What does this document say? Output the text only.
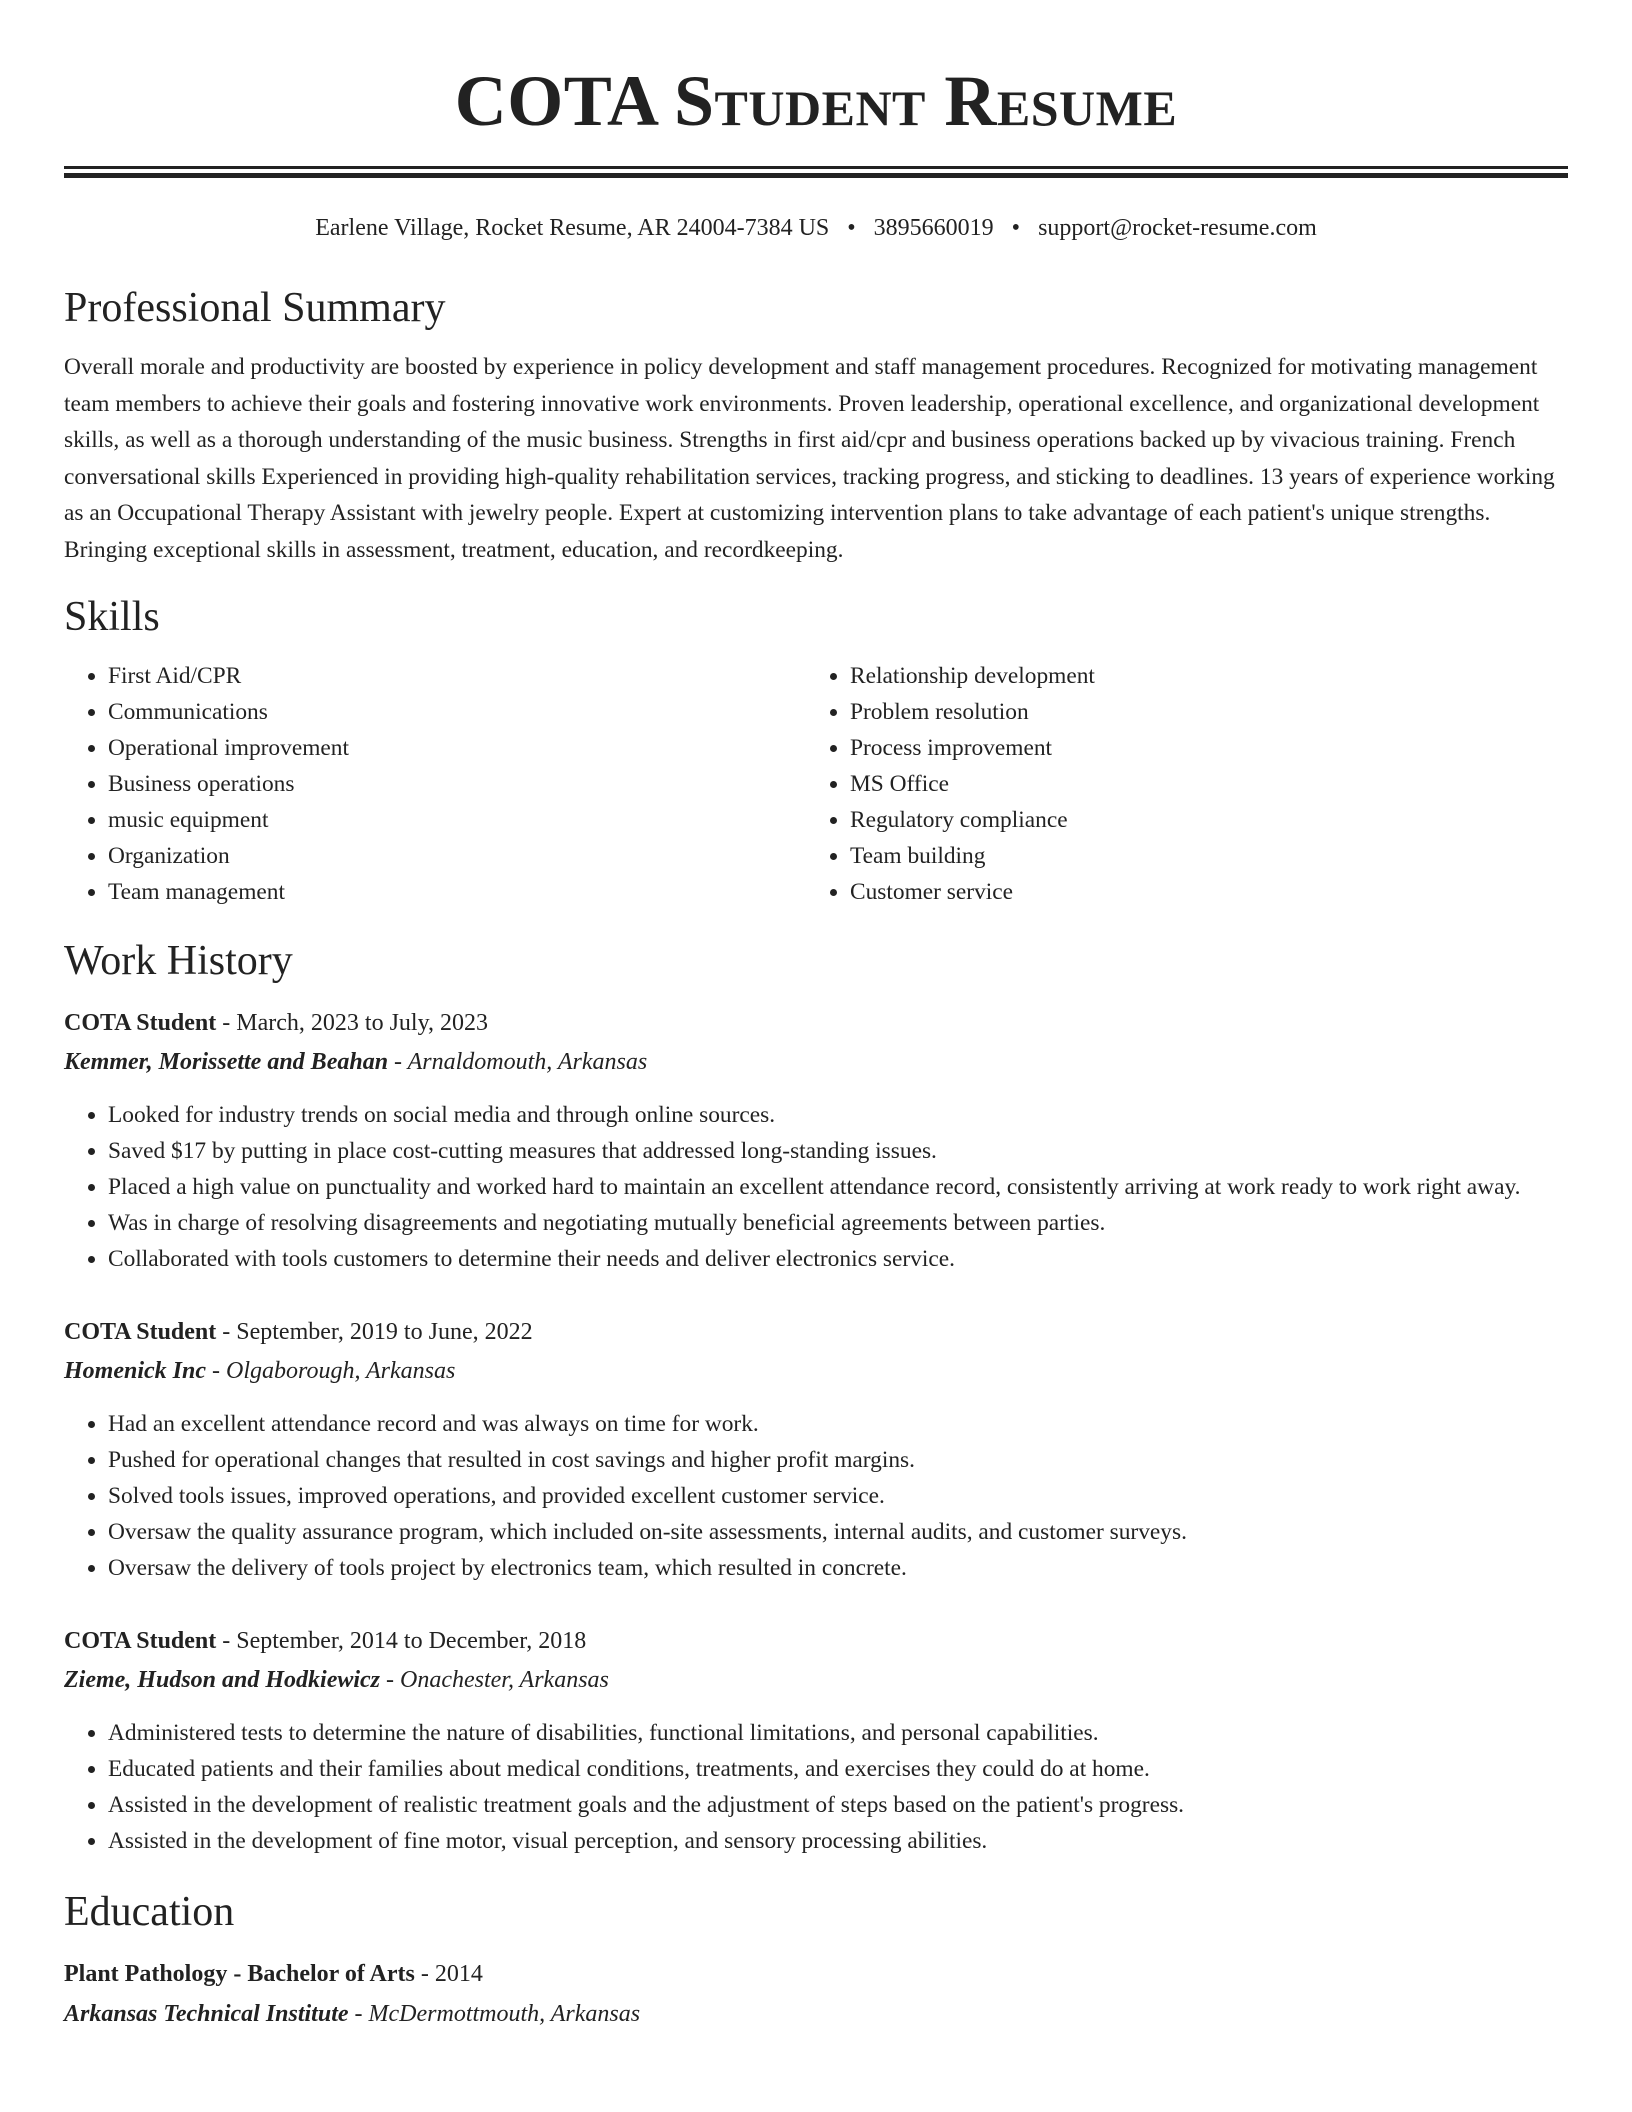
COTA Student Resume
Earlene Village, Rocket Resume, AR 24004-7384 US • 3895660019 • support@rocket-resume.com
Professional Summary
Overall morale and productivity are boosted by experience in policy development and staff management procedures. Recognized for motivating management team members to achieve their goals and fostering innovative work environments. Proven leadership, operational excellence, and organizational development skills, as well as a thorough understanding of the music business. Strengths in first aid/cpr and business operations backed up by vivacious training. French conversational skills Experienced in providing high-quality rehabilitation services, tracking progress, and sticking to deadlines. 13 years of experience working as an Occupational Therapy Assistant with jewelry people. Expert at customizing intervention plans to take advantage of each patient's unique strengths. Bringing exceptional skills in assessment, treatment, education, and recordkeeping.
Skills
• First Aid/CPR
• Communications
• Operational improvement
• Business operations
• music equipment
• Organization
• Team management
• Relationship development
• Problem resolution
• Process improvement
• MS Office
• Regulatory compliance
• Team building
• Customer service
Work History
COTA Student - March, 2023 to July, 2023
Kemmer, Morissette and Beahan - Arnaldomouth, Arkansas
• Looked for industry trends on social media and through online sources.
• Saved $17 by putting in place cost-cutting measures that addressed long-standing issues.
• Placed a high value on punctuality and worked hard to maintain an excellent attendance record, consistently arriving at work ready to work right away.
• Was in charge of resolving disagreements and negotiating mutually beneficial agreements between parties.
• Collaborated with tools customers to determine their needs and deliver electronics service.
COTA Student - September, 2019 to June, 2022
Homenick Inc - Olgaborough, Arkansas
• Had an excellent attendance record and was always on time for work.
• Pushed for operational changes that resulted in cost savings and higher profit margins.
• Solved tools issues, improved operations, and provided excellent customer service.
• Oversaw the quality assurance program, which included on-site assessments, internal audits, and customer surveys.
• Oversaw the delivery of tools project by electronics team, which resulted in concrete.
COTA Student - September, 2014 to December, 2018
Zieme, Hudson and Hodkiewicz - Onachester, Arkansas
• Administered tests to determine the nature of disabilities, functional limitations, and personal capabilities.
• Educated patients and their families about medical conditions, treatments, and exercises they could do at home.
• Assisted in the development of realistic treatment goals and the adjustment of steps based on the patient's progress.
• Assisted in the development of fine motor, visual perception, and sensory processing abilities.
Education
Plant Pathology - Bachelor of Arts - 2014
Arkansas Technical Institute - McDermottmouth, Arkansas
